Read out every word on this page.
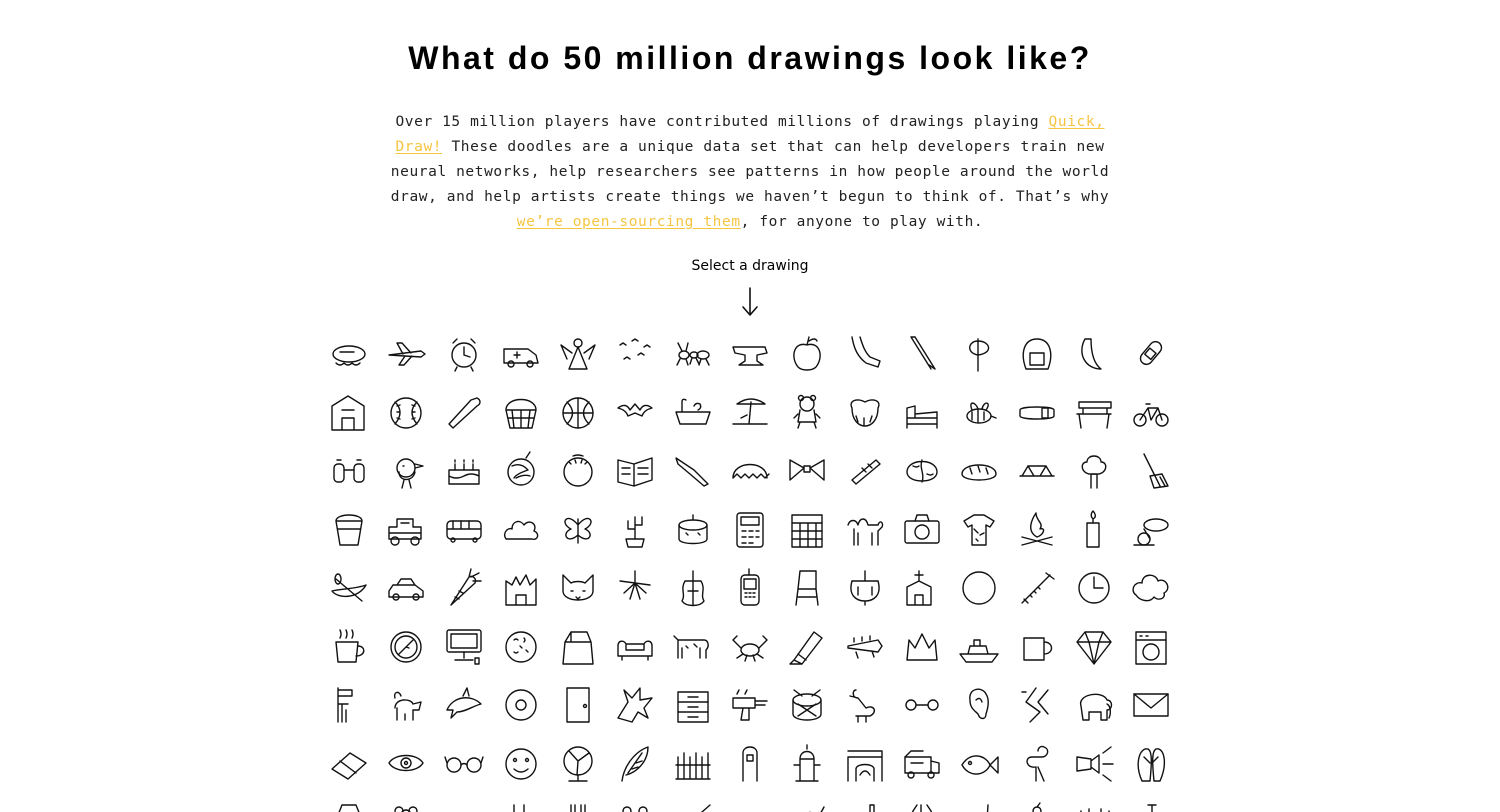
What do 50 million drawings look like?

Over 15 million players have contributed millions of drawings playing Quick, Draw! These doodles are a unique data set that can help developers train new neural networks, help researchers see patterns in how people around the world draw, and help artists create things we haven’t begun to think of. That’s why we’re open-sourcing them, for anyone to play with.

Select a drawing
